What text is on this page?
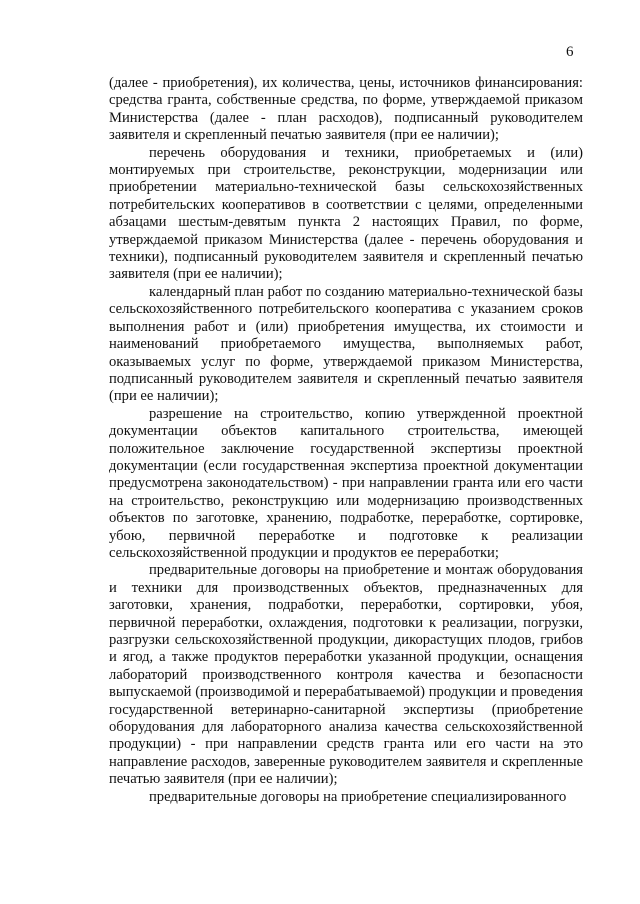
6

(далее - приобретения), их количества, цены, источников финансирования: средства гранта, собственные средства, по форме, утверждаемой приказом Министерства (далее - план расходов), подписанный руководителем заявителя и скрепленный печатью заявителя (при ее наличии);

перечень оборудования и техники, приобретаемых и (или) монтируемых при строительстве, реконструкции, модернизации или приобретении материально-технической базы сельскохозяйственных потребительских кооперативов в соответствии с целями, определенными абзацами шестым-девятым пункта 2 настоящих Правил, по форме, утверждаемой приказом Министерства (далее - перечень оборудования и техники), подписанный руководителем заявителя и скрепленный печатью заявителя (при ее наличии);

календарный план работ по созданию материально-технической базы сельскохозяйственного потребительского кооператива с указанием сроков выполнения работ и (или) приобретения имущества, их стоимости и наименований приобретаемого имущества, выполняемых работ, оказываемых услуг по форме, утверждаемой приказом Министерства, подписанный руководителем заявителя и скрепленный печатью заявителя (при ее наличии);

разрешение на строительство, копию утвержденной проектной документации объектов капитального строительства, имеющей положительное заключение государственной экспертизы проектной документации (если государственная экспертиза проектной документации предусмотрена законодательством) - при направлении гранта или его части на строительство, реконструкцию или модернизацию производственных объектов по заготовке, хранению, подработке, переработке, сортировке, убою, первичной переработке и подготовке к реализации сельскохозяйственной продукции и продуктов ее переработки;

предварительные договоры на приобретение и монтаж оборудования и техники для производственных объектов, предназначенных для заготовки, хранения, подработки, переработки, сортировки, убоя, первичной переработки, охлаждения, подготовки к реализации, погрузки, разгрузки сельскохозяйственной продукции, дикорастущих плодов, грибов и ягод, а также продуктов переработки указанной продукции, оснащения лабораторий производственного контроля качества и безопасности выпускаемой (производимой и перерабатываемой) продукции и проведения государственной ветеринарно-санитарной экспертизы (приобретение оборудования для лабораторного анализа качества сельскохозяйственной продукции) - при направлении средств гранта или его части на это направление расходов, заверенные руководителем заявителя и скрепленные печатью заявителя (при ее наличии);

предварительные договоры на приобретение специализированного
